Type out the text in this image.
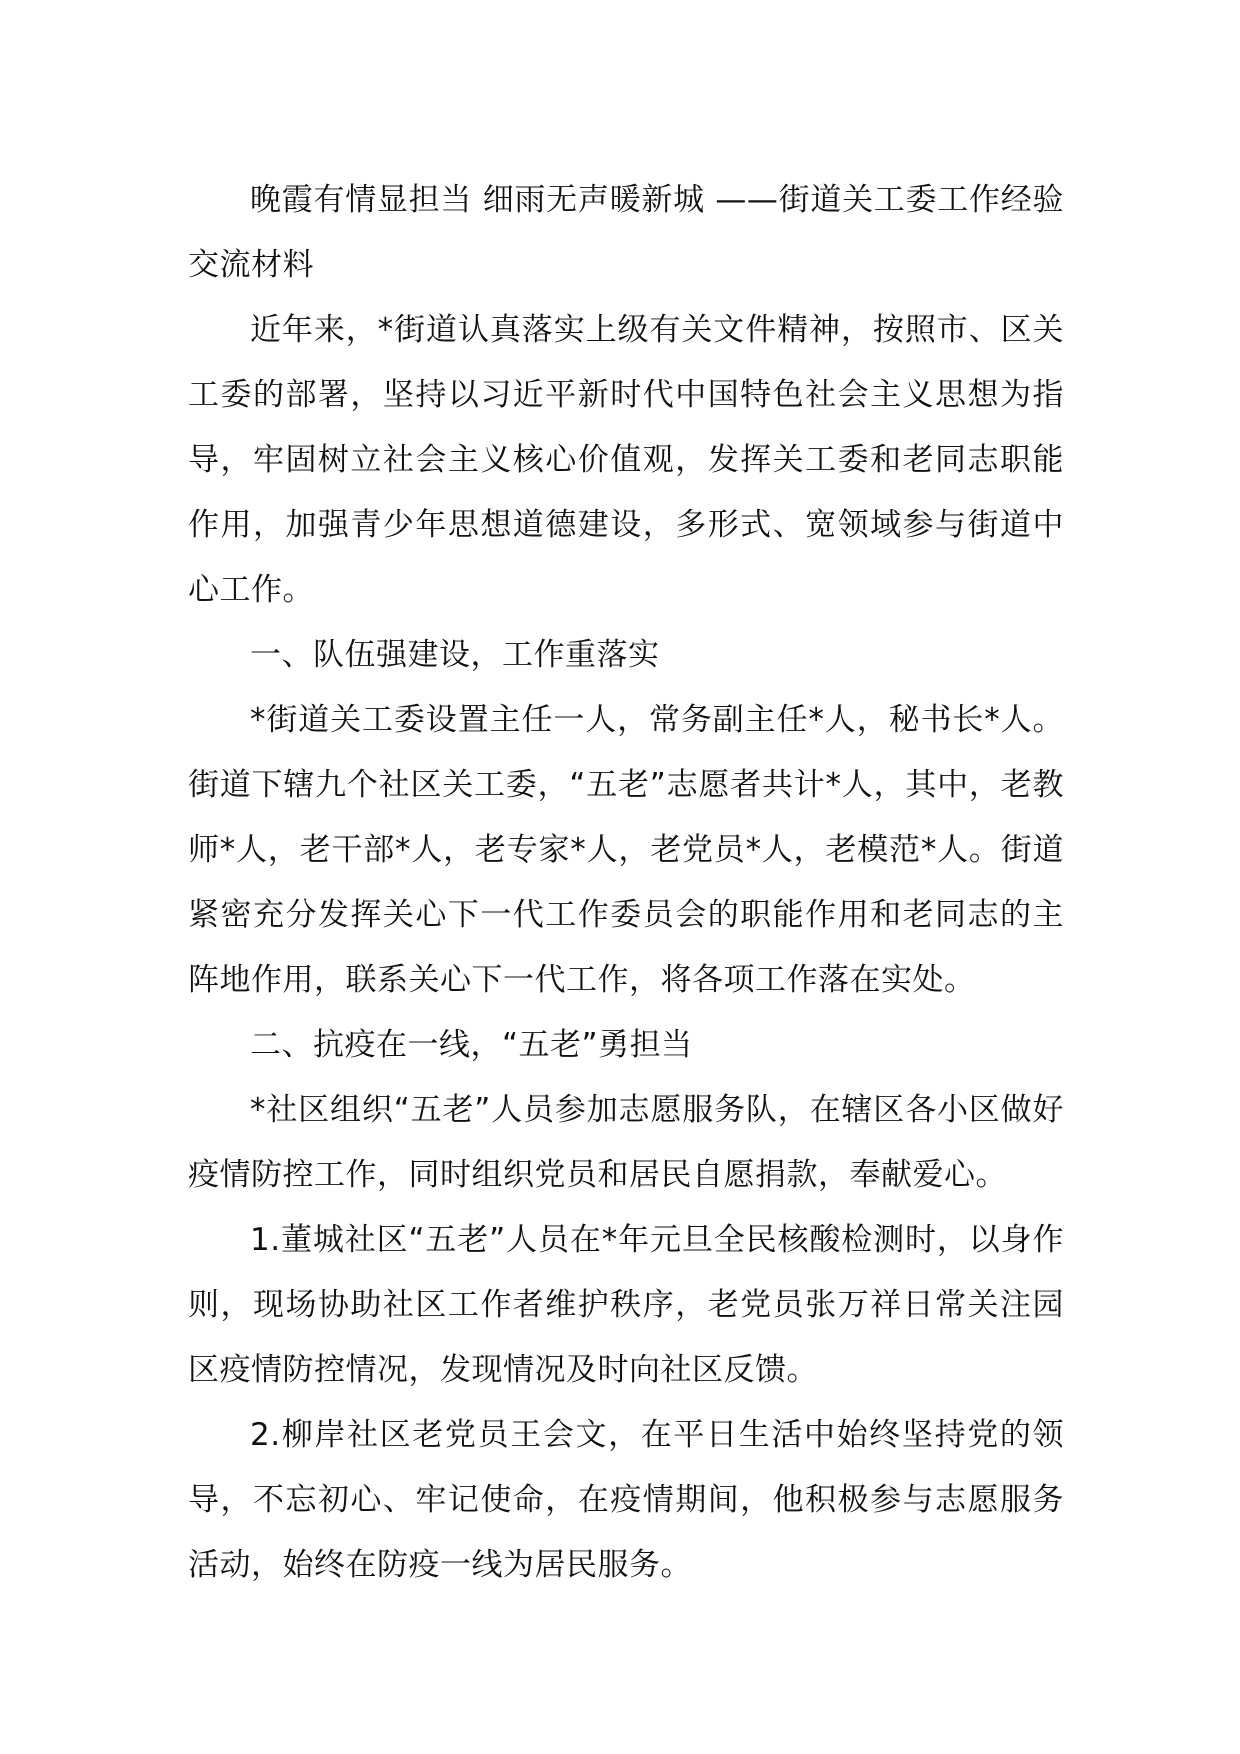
晚霞有情显担当 细雨无声暖新城 ——街道关工委工作经验交流材料

近年来，*街道认真落实上级有关文件精神，按照市、区关工委的部署，坚持以习近平新时代中国特色社会主义思想为指导，牢固树立社会主义核心价值观，发挥关工委和老同志职能作用，加强青少年思想道德建设，多形式、宽领域参与街道中心工作。

一、队伍强建设，工作重落实

*街道关工委设置主任一人，常务副主任*人，秘书长*人。街道下辖九个社区关工委，“五老”志愿者共计*人，其中，老教师*人，老干部*人，老专家*人，老党员*人，老模范*人。街道紧密充分发挥关心下一代工作委员会的职能作用和老同志的主阵地作用，联系关心下一代工作，将各项工作落在实处。

二、抗疫在一线，“五老”勇担当

*社区组织“五老”人员参加志愿服务队，在辖区各小区做好疫情防控工作，同时组织党员和居民自愿捐款，奉献爱心。

1.董城社区“五老”人员在*年元旦全民核酸检测时，以身作则，现场协助社区工作者维护秩序，老党员张万祥日常关注园区疫情防控情况，发现情况及时向社区反馈。

2.柳岸社区老党员王会文，在平日生活中始终坚持党的领导，不忘初心、牢记使命，在疫情期间，他积极参与志愿服务活动，始终在防疫一线为居民服务。
